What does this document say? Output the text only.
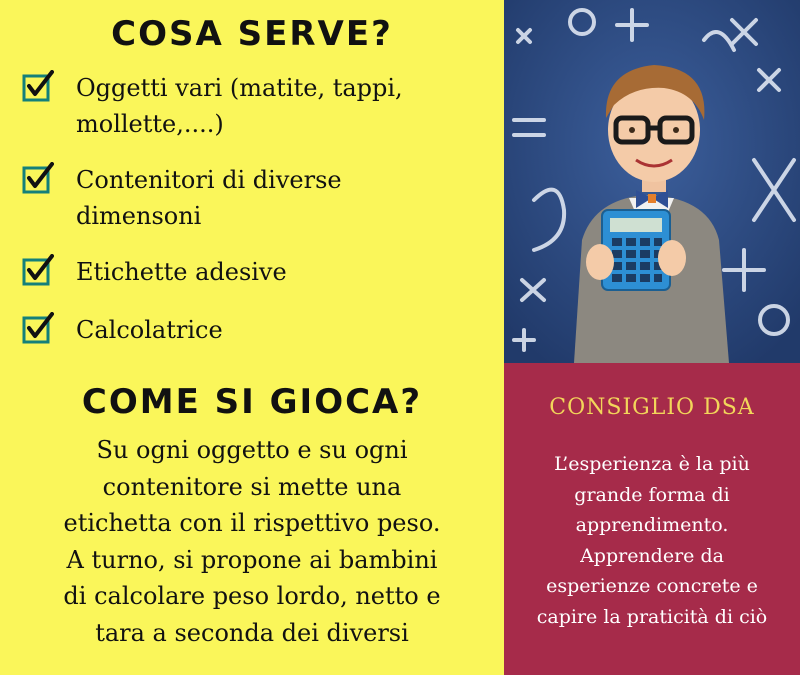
COSA SERVE?
Oggetti vari (matite, tappi,
mollette,....)
Contenitori di diverse
dimensoni
Etichette adesive
Calcolatrice
COME SI GIOCA?
Su ogni oggetto e su ogni
contenitore si mette una
etichetta con il rispettivo peso.
A turno, si propone ai bambini
di calcolare peso lordo, netto e
tara a seconda dei diversi
CONSIGLIO DSA
L’esperienza è la più
grande forma di
apprendimento.
Apprendere da
esperienze concrete e
capire la praticità di ciò
